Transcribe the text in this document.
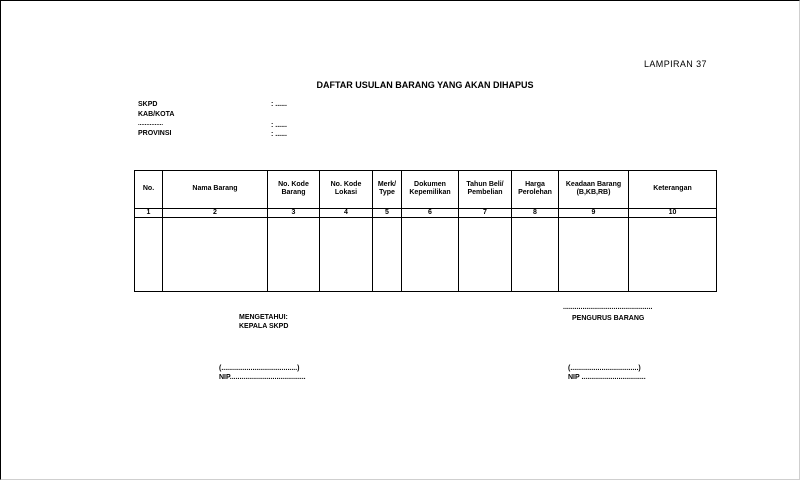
LAMPIRAN 37
DAFTAR USULAN BARANG YANG AKAN DIHAPUS
SKPD	: ......
KAB/KOTA
...............	: ......
PROVINSI	: ......
No.	Nama Barang	No. Kode Barang	No. Kode Lokasi	Merk/ Type	Dokumen Kepemilikan	Tahun Beli/ Pembelian	Harga Perolehan	Keadaan Barang (B,KB,RB)	Keterangan
1	2	3	4	5	6	7	8	9	10

MENGETAHUI:
KEPALA SKPD
(.......................................)
NIP.......................................
..............................................
PENGURUS BARANG
(...................................)
NIP .................................
